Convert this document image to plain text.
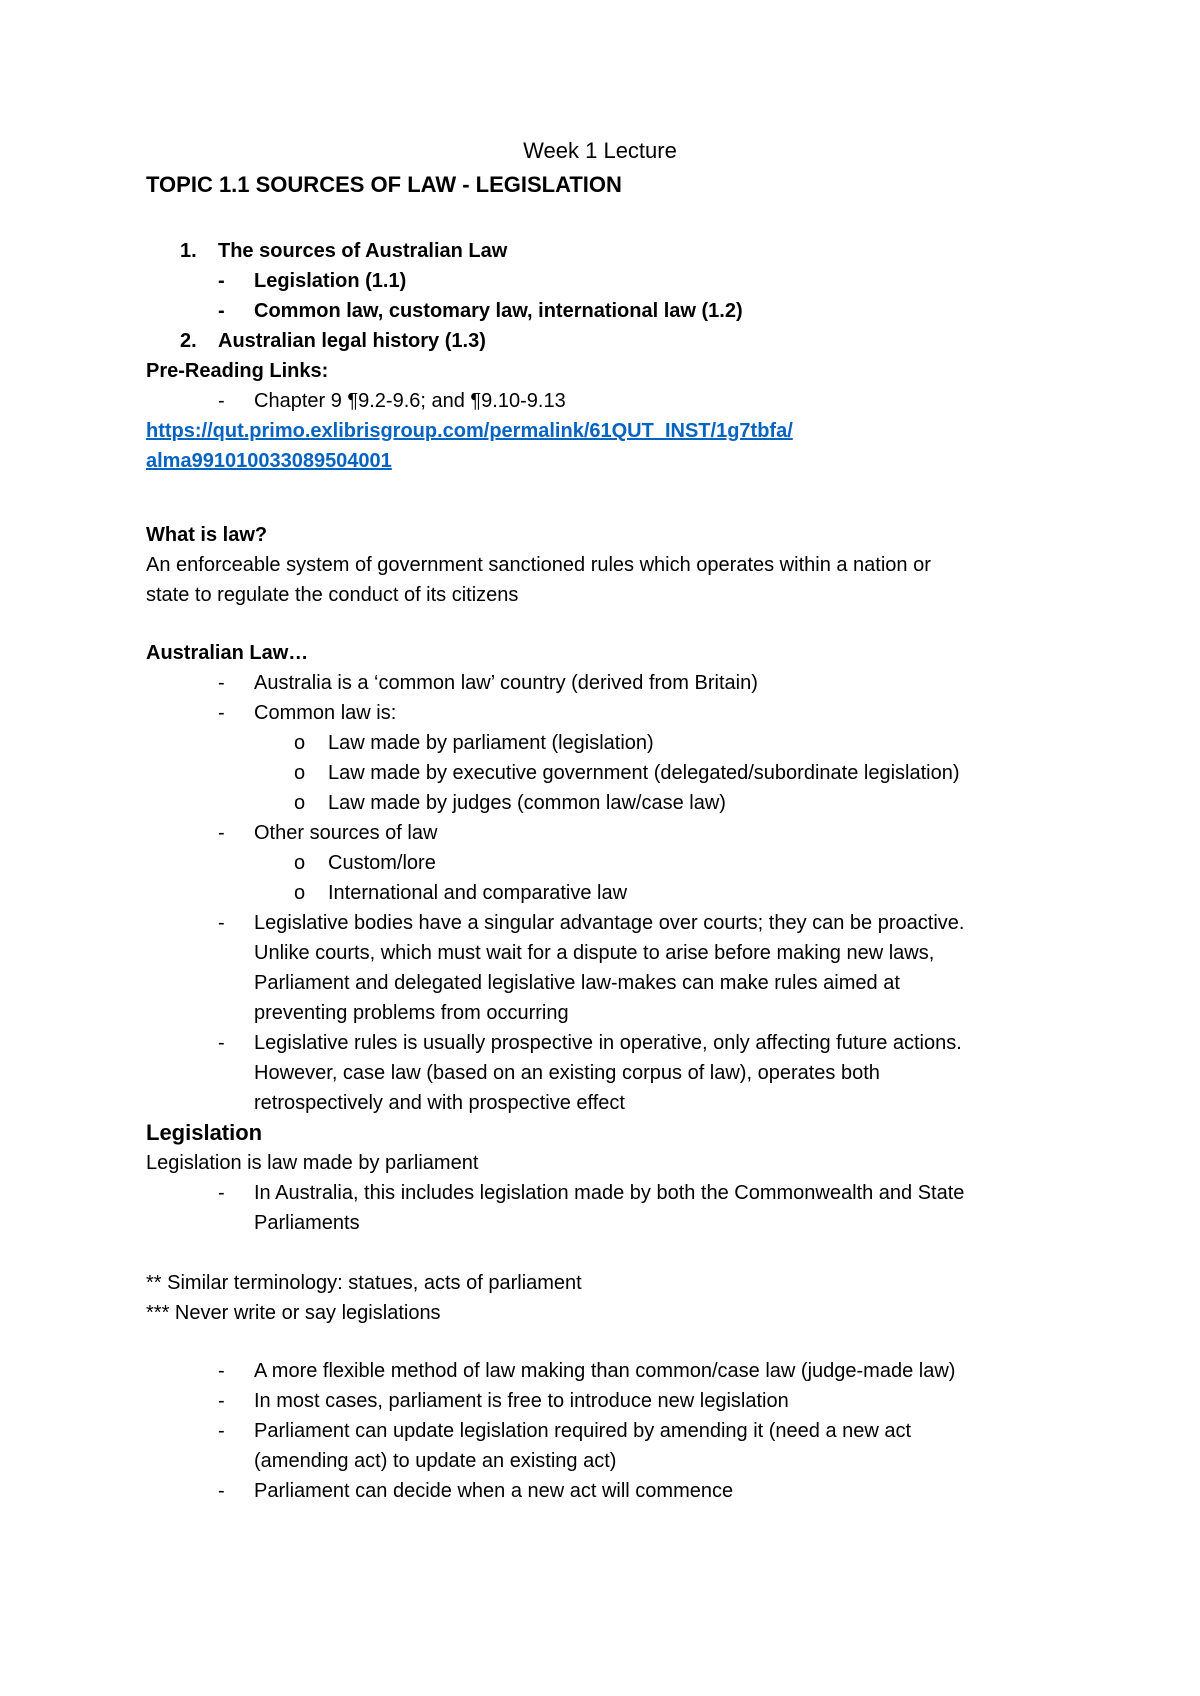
Week 1 Lecture
TOPIC 1.1 SOURCES OF LAW - LEGISLATION
1. The sources of Australian Law
-	Legislation (1.1)
-	Common law, customary law, international law (1.2)
2. Australian legal history (1.3)
Pre-Reading Links:
-	Chapter 9 ¶9.2-9.6; and ¶9.10-9.13
https://qut.primo.exlibrisgroup.com/permalink/61QUT_INST/1g7tbfa/
alma991010033089504001
What is law?
An enforceable system of government sanctioned rules which operates within a nation or
state to regulate the conduct of its citizens
Australian Law…
-	Australia is a ‘common law’ country (derived from Britain)
-	Common law is:
o	Law made by parliament (legislation)
o	Law made by executive government (delegated/subordinate legislation)
o	Law made by judges (common law/case law)
-	Other sources of law
o	Custom/lore
o	International and comparative law
-	Legislative bodies have a singular advantage over courts; they can be proactive.
Unlike courts, which must wait for a dispute to arise before making new laws,
Parliament and delegated legislative law-makes can make rules aimed at
preventing problems from occurring
-	Legislative rules is usually prospective in operative, only affecting future actions.
However, case law (based on an existing corpus of law), operates both
retrospectively and with prospective effect
Legislation
Legislation is law made by parliament
-	In Australia, this includes legislation made by both the Commonwealth and State
Parliaments
** Similar terminology: statues, acts of parliament
*** Never write or say legislations
-	A more flexible method of law making than common/case law (judge-made law)
-	In most cases, parliament is free to introduce new legislation
-	Parliament can update legislation required by amending it (need a new act
(amending act) to update an existing act)
-	Parliament can decide when a new act will commence
